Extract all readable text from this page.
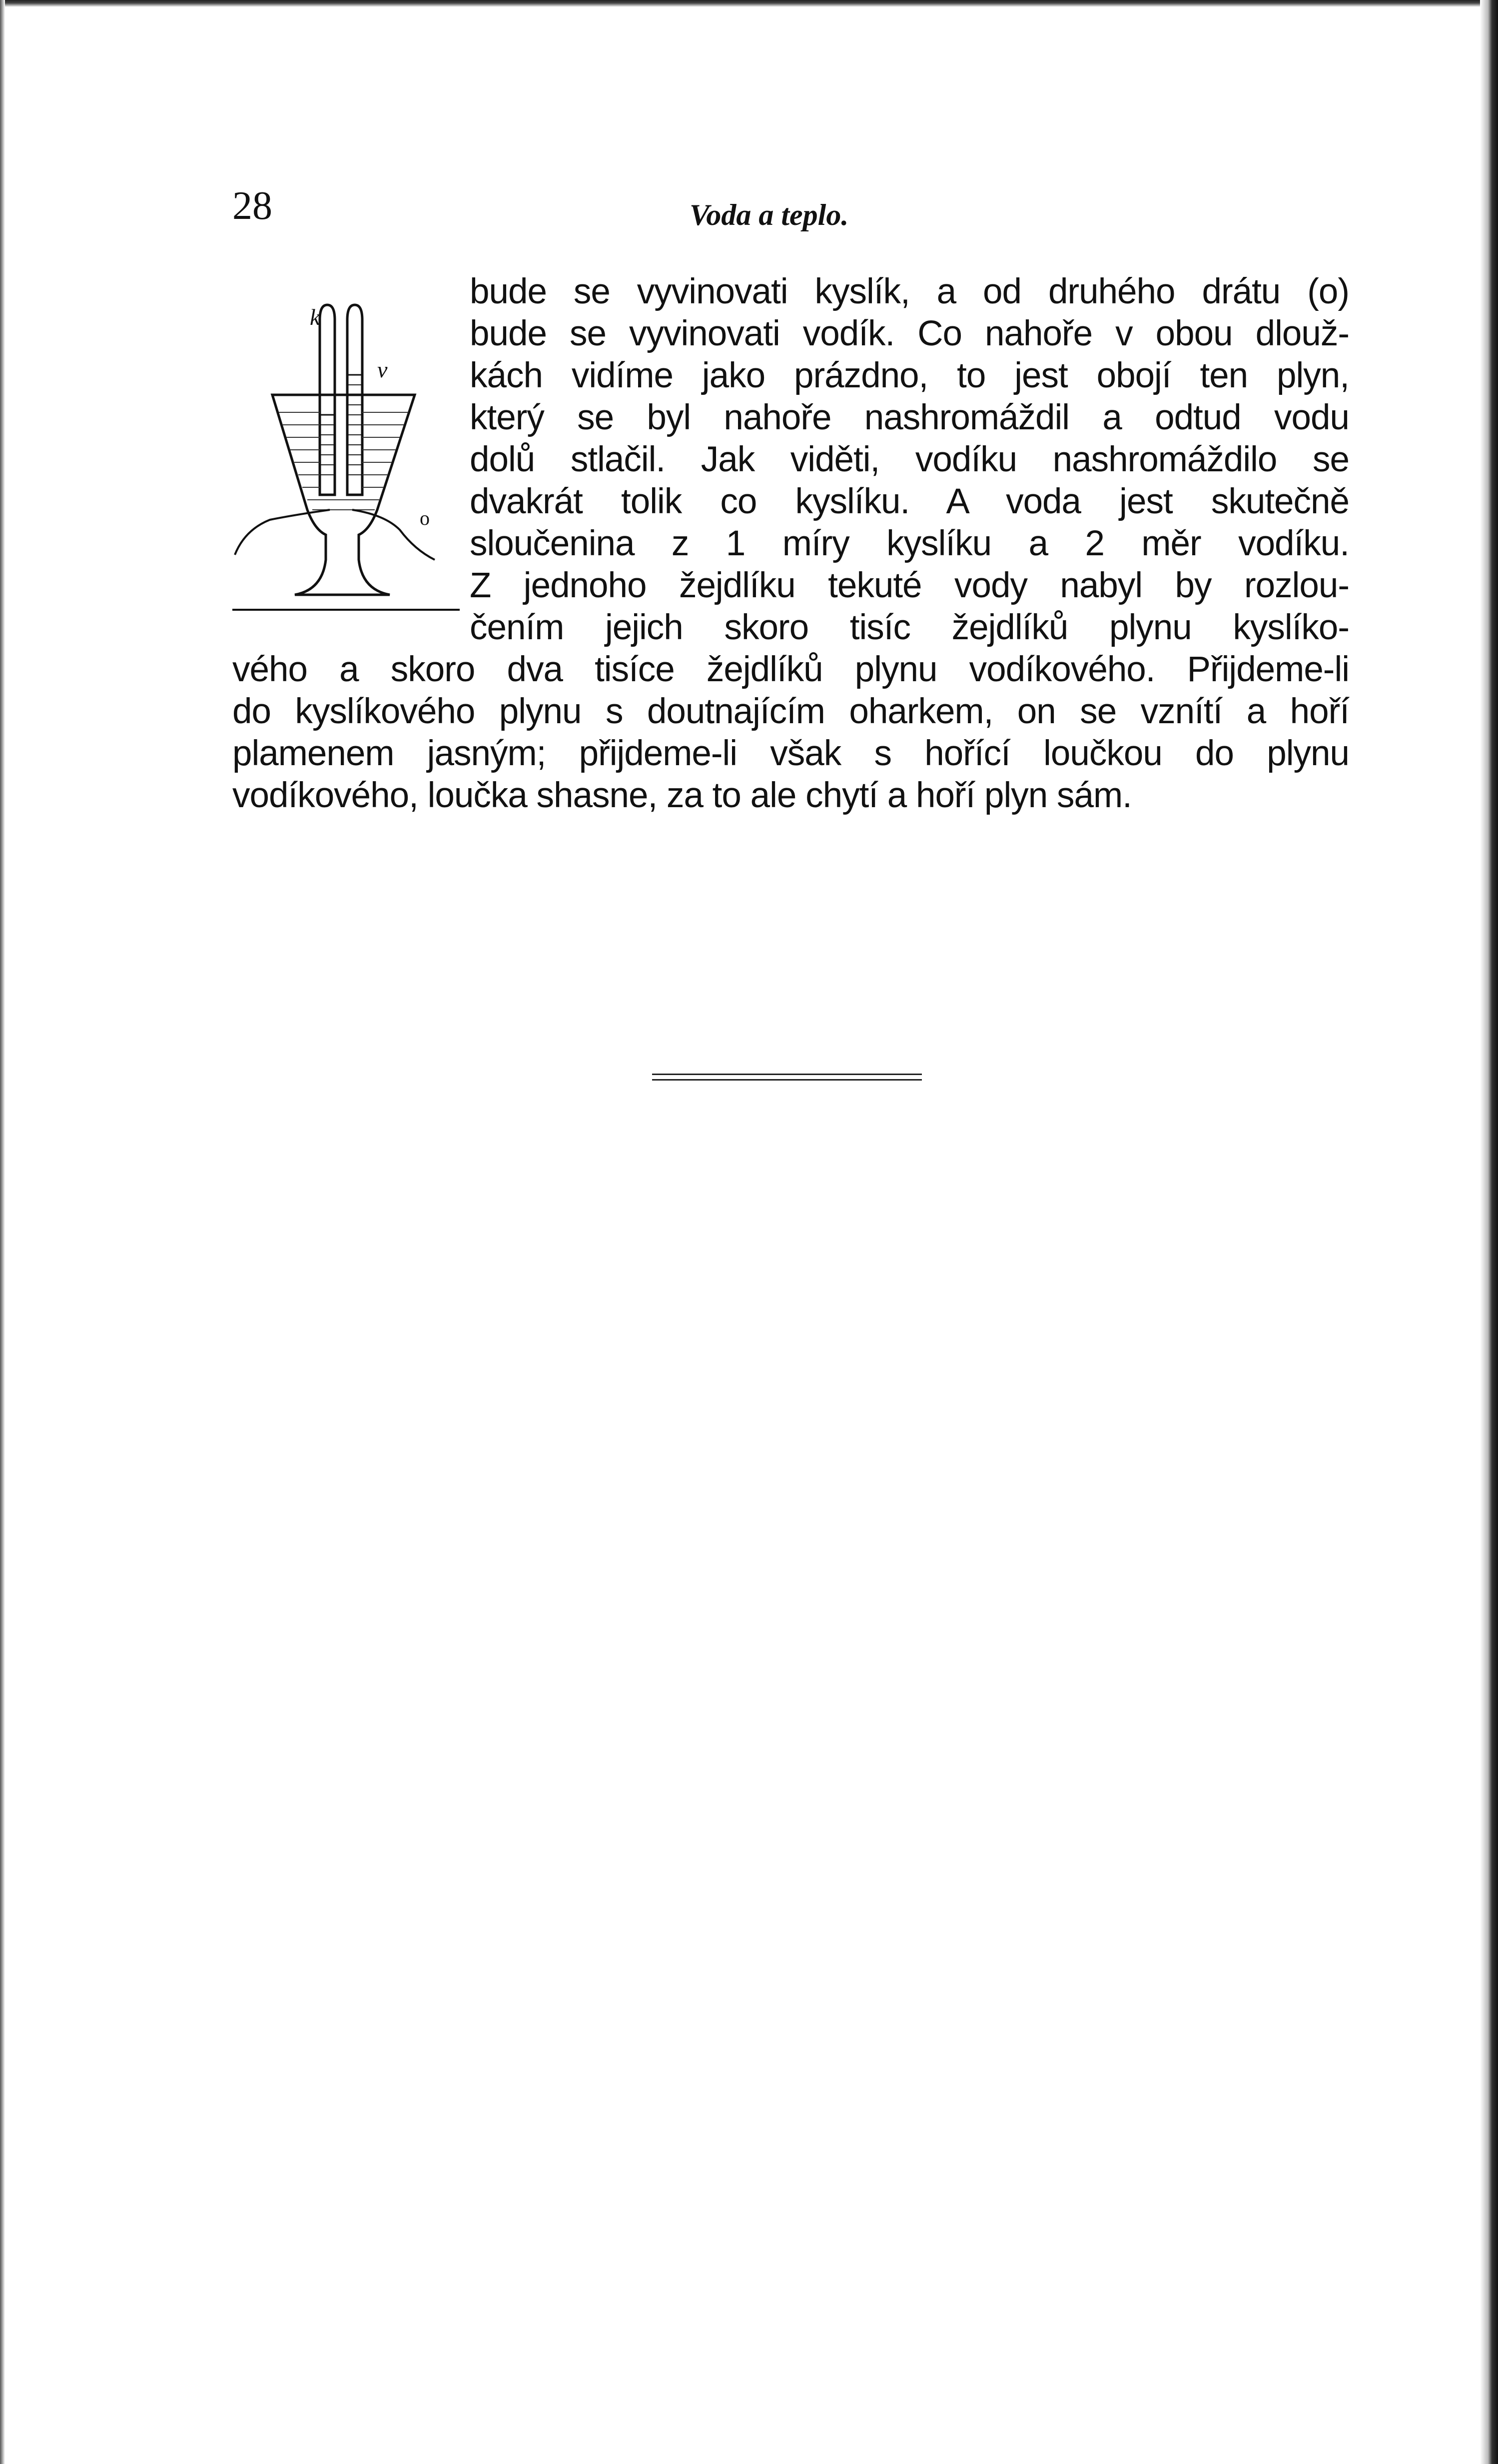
28	Voda a teplo.

k
v
o
bude se vyvinovati kyslík, a od druhého drátu (o)
bude se vyvinovati vodík. Co nahoře v obou dlouž-
kách vidíme jako prázdno, to jest obojí ten plyn,
který se byl nahoře nashromáždil a odtud vodu
dolů stlačil. Jak viděti, vodíku nashromáždilo se
dvakrát tolik co kyslíku. A voda jest skutečně
sloučenina z 1 míry kyslíku a 2 měr vodíku.
Z jednoho žejdlíku tekuté vody nabyl by rozlou-
čením jejich skoro tisíc žejdlíků plynu kyslíko-
vého a skoro dva tisíce žejdlíků plynu vodíkového. Přijdeme-li
do kyslíkového plynu s doutnajícím oharkem, on se vznítí a hoří
plamenem jasným; přijdeme-li však s hořící loučkou do plynu
vodíkového, loučka shasne, za to ale chytí a hoří plyn sám.
